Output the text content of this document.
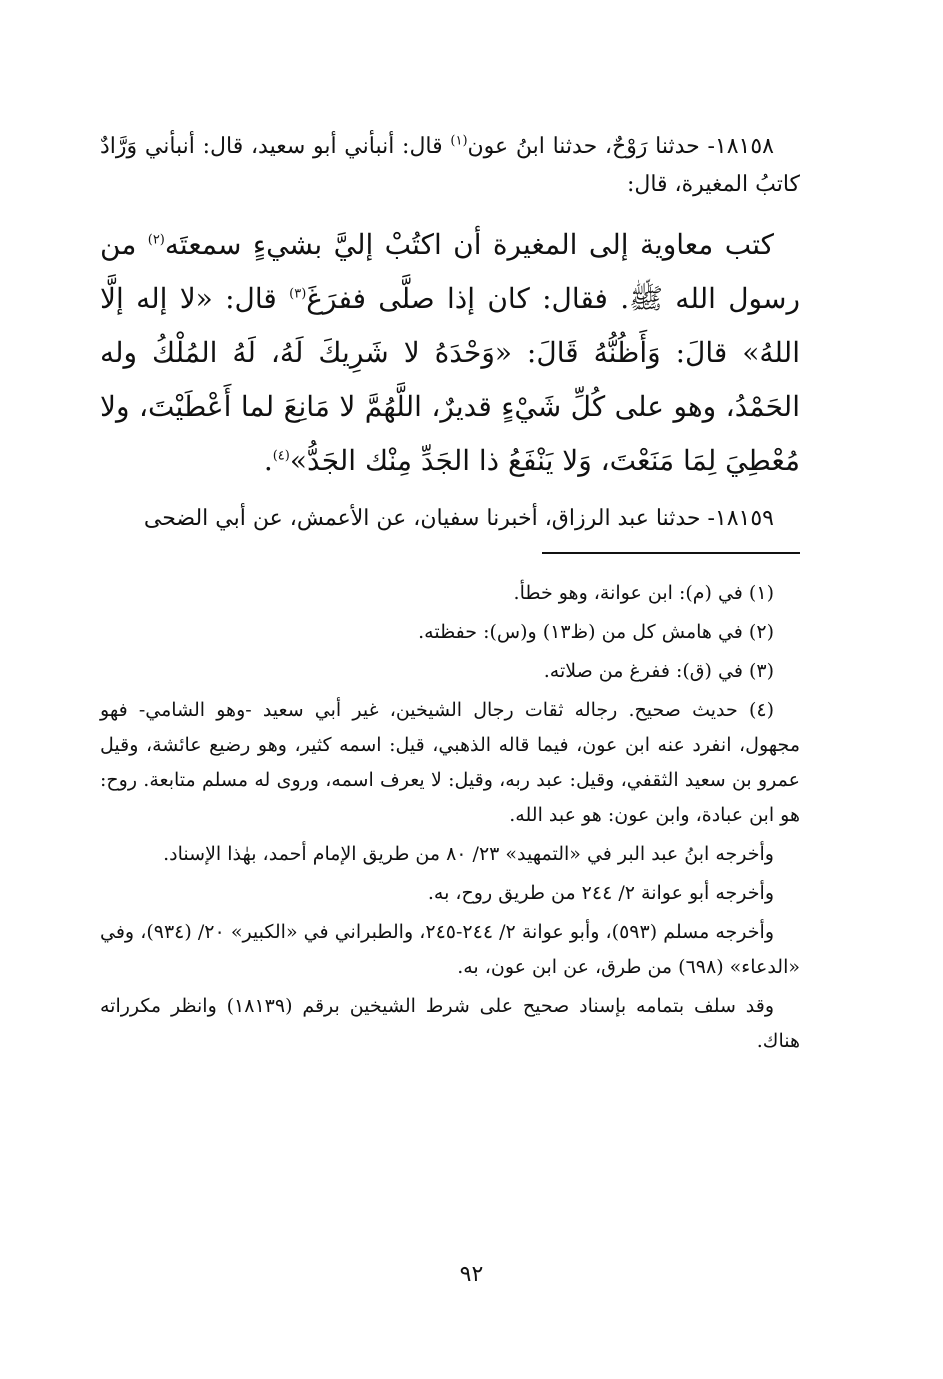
١٨١٥٨- حدثنا رَوْحٌ، حدثنا ابنُ عون$^{(١)}$ قال: أنبأني أبو سعيد، قال: أنبأني وَرَّادٌ كاتبُ المغيرة، قال:

كتب معاوية إلى المغيرة أن اكتُبْ إليَّ بشيءٍ سمعتَه$^{(٢)}$ من رسول الله ﷺ. فقال: كان إذا صلَّى ففرَغَ$^{(٣)}$ قال: «لا إله إلَّا اللهُ» قالَ: وَأَظُنُّهُ قَالَ: «وَحْدَهُ لا شَرِيكَ لَهُ، لَهُ المُلْكُ وله الحَمْدُ، وهو على كُلِّ شَيْءٍ قديرٌ، اللَّهُمَّ لا مَانِعَ لما أَعْطَيْتَ، ولا مُعْطِيَ لِمَا مَنَعْتَ، وَلا يَنْفَعُ ذا الجَدِّ مِنْك الجَدُّ»$^{(٤)}$.

١٨١٥٩- حدثنا عبد الرزاق، أخبرنا سفيان، عن الأعمش، عن أبي الضحى

(١) في (م): ابن عوانة، وهو خطأ.

(٢) في هامش كل من (ظ١٣) و(س): حفظته.

(٣) في (ق): ففرغ من صلاته.

(٤) حديث صحيح. رجاله ثقات رجال الشيخين، غير أبي سعيد -وهو الشامي- فهو مجهول، انفرد عنه ابن عون، فيما قاله الذهبي، قيل: اسمه كثير، وهو رضيع عائشة، وقيل عمرو بن سعيد الثقفي، وقيل: عبد ربه، وقيل: لا يعرف اسمه، وروى له مسلم متابعة. روح: هو ابن عبادة، وابن عون: هو عبد الله.

وأخرجه ابنُ عبد البر في «التمهيد» ٢٣/ ٨٠ من طريق الإمام أحمد، بهٰذا الإسناد.

وأخرجه أبو عوانة ٢/ ٢٤٤ من طريق روح، به.

وأخرجه مسلم (٥٩٣)، وأبو عوانة ٢/ ٢٤٤-٢٤٥، والطبراني في «الكبير» ٢٠/ (٩٣٤)، وفي «الدعاء» (٦٩٨) من طرق، عن ابن عون، به.

وقد سلف بتمامه بإسناد صحيح على شرط الشيخين برقم (١٨١٣٩) وانظر مكرراته هناك.

٩٢
